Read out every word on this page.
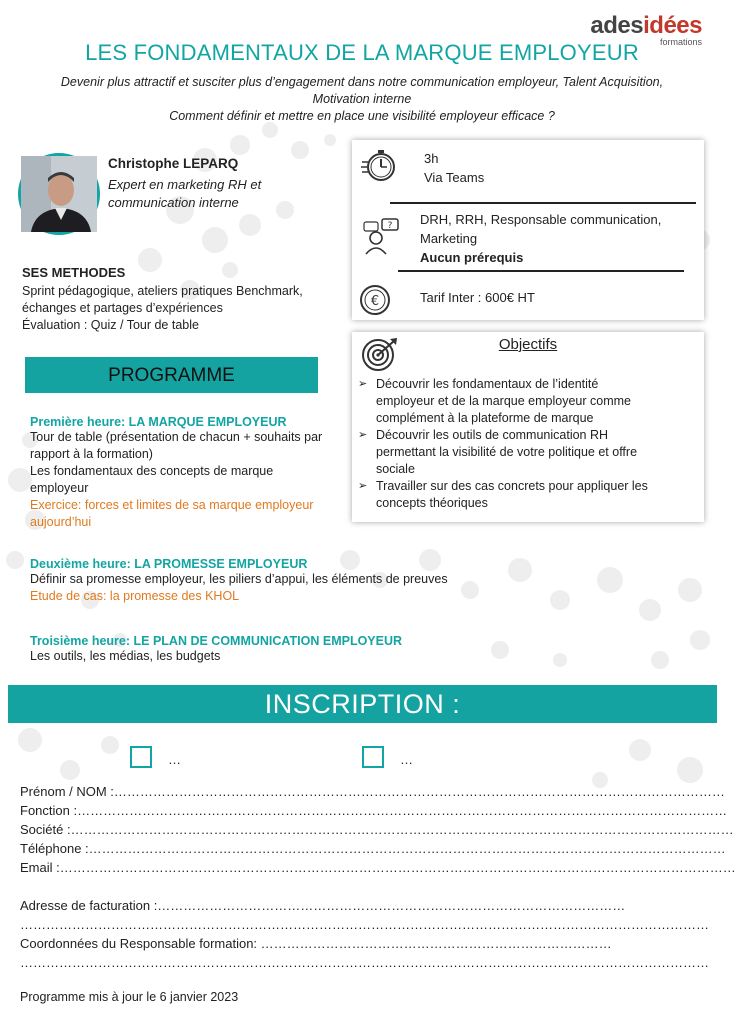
adesidées
formations
LES FONDAMENTAUX DE LA MARQUE EMPLOYEUR
Devenir plus attractif et susciter plus d’engagement dans notre communication employeur, Talent Acquisition,
Motivation interne
Comment définir et mettre en place une visibilité employeur efficace ?
Christophe LEPARQ
Expert en marketing RH et
communication interne
SES METHODES
Sprint pédagogique, ateliers pratiques Benchmark,
échanges et partages d’expériences
Évaluation : Quiz / Tour de table
3h
Via Teams
? DRH, RRH, Responsable communication,
Marketing
Aucun prérequis
€	Tarif Inter : 600€ HT
Objectifs
➢ Découvrir les fondamentaux de l’identité
employeur et de la marque employeur comme
complément à la plateforme de marque
➢ Découvrir les outils de communication RH
permettant la visibilité de votre politique et offre
sociale
➢ Travailler sur des cas concrets pour appliquer les
concepts théoriques
PROGRAMME
Première heure: LA MARQUE EMPLOYEUR
Tour de table (présentation de chacun + souhaits par
rapport à la formation)
Les fondamentaux des concepts de marque
employeur
Exercice: forces et limites de sa marque employeur
aujourd’hui
Deuxième heure: LA PROMESSE EMPLOYEUR
Définir sa promesse employeur, les piliers d’appui, les éléments de preuves
Etude de cas: la promesse des KHOL
Troisième heure: LE PLAN DE COMMUNICATION EMPLOYEUR
Les outils, les médias, les budgets
INSCRIPTION :
…	…
Prénom / NOM :……………………………………………………………………………………………………………………………
Fonction :……………………………………………………………………………………………………………………………………
Société :………………………………………………………………………………………………………………………………………
Téléphone :…………………………………………………………………………………………………………………………………
Email :…………………………………………………………………………………………………………………………………………
Adresse de facturation :………………………………………………………………………………………………
……………………………………………………………………………………………………………………………………………
Coordonnées du Responsable formation: ………………………………………………………………………
……………………………………………………………………………………………………………………………………………
Programme mis à jour le 6 janvier 2023
